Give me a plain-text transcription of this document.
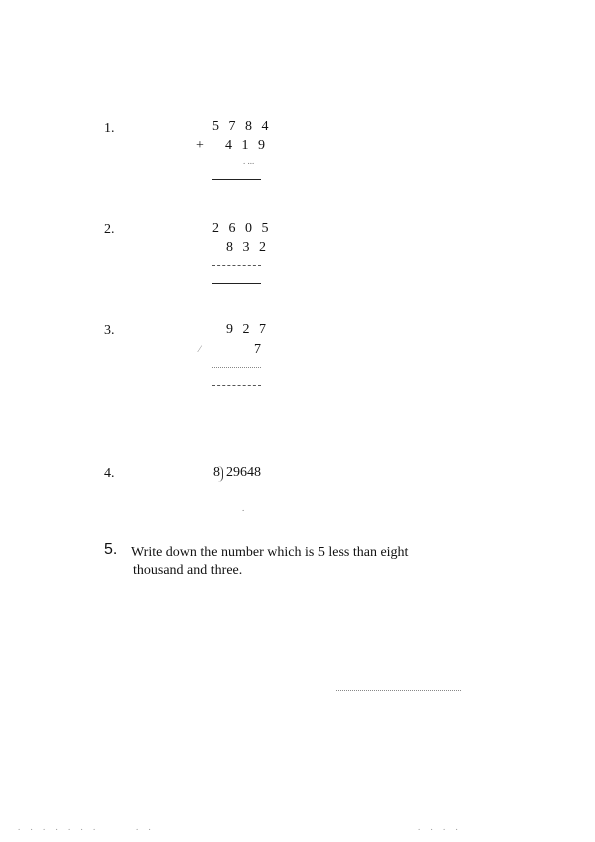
1.	5 7 8 4
+ 4 1 9
. ...
2.	2 6 0 5
8 3 2
3.	9 2 7
⁄	7
4.	8 29648
.
5. Write down the number which is 5 less than eight
thousand and three.
. . . . . . .	. .	. . . .
